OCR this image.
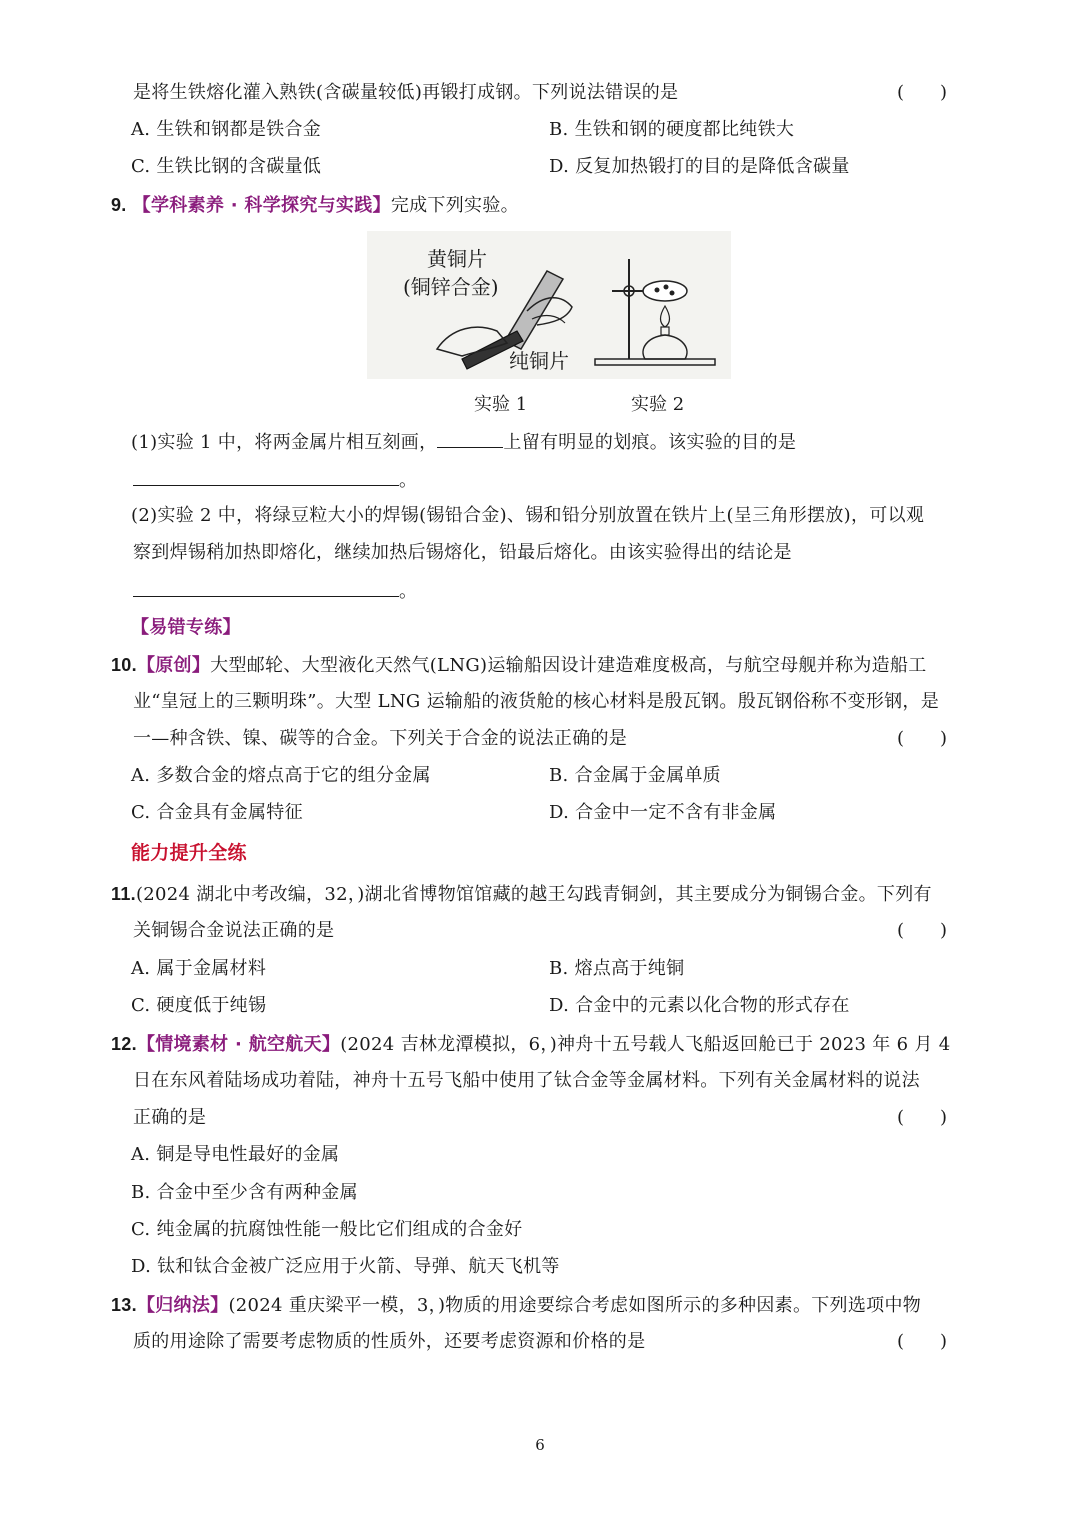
是将生铁熔化灌入熟铁(含碳量较低)再锻打成钢。下列说法错误的是	(　　)
A. 生铁和钢都是铁合金	B. 生铁和钢的硬度都比纯铁大
C. 生铁比钢的含碳量低	D. 反复加热锻打的目的是降低含碳量
9. 【学科素养 · 科学探究与实践】完成下列实验。
黄铜片
(铜锌合金)
纯铜片
实验 1	实验 2
(1)实验 1 中，将两金属片相互刻画，	上留有明显的划痕。该实验的目的是
。
(2)实验 2 中，将绿豆粒大小的焊锡(锡铅合金)、锡和铅分别放置在铁片上(呈三角形摆放)，可以观
察到焊锡稍加热即熔化，继续加热后锡熔化，铅最后熔化。由该实验得出的结论是
。
【易错专练】
10.【原创】大型邮轮、大型液化天然气(LNG)运输船因设计建造难度极高，与航空母舰并称为造船工
业“皇冠上的三颗明珠”。大型 LNG 运输船的液货舱的核心材料是殷瓦钢。殷瓦钢俗称不变形钢，是
一—种含铁、镍、碳等的合金。下列关于合金的说法正确的是	(　　)
A. 多数合金的熔点高于它的组分金属	B. 合金属于金属单质
C. 合金具有金属特征	D. 合金中一定不含有非金属
能力提升全练
11.(2024 湖北中考改编，32，)湖北省博物馆馆藏的越王勾践青铜剑，其主要成分为铜锡合金。下列有
关铜锡合金说法正确的是	(　　)
A. 属于金属材料	B. 熔点高于纯铜
C. 硬度低于纯锡	D. 合金中的元素以化合物的形式存在
12.【情境素材 · 航空航天】(2024 吉林龙潭模拟，6，)神舟十五号载人飞船返回舱已于 2023 年 6 月 4
日在东风着陆场成功着陆，神舟十五号飞船中使用了钛合金等金属材料。下列有关金属材料的说法
正确的是	(　　)
A. 铜是导电性最好的金属
B. 合金中至少含有两种金属
C. 纯金属的抗腐蚀性能一般比它们组成的合金好
D. 钛和钛合金被广泛应用于火箭、导弹、航天飞机等
13.【归纳法】(2024 重庆梁平一模，3，)物质的用途要综合考虑如图所示的多种因素。下列选项中物
质的用途除了需要考虑物质的性质外，还要考虑资源和价格的是	(　　)
6
